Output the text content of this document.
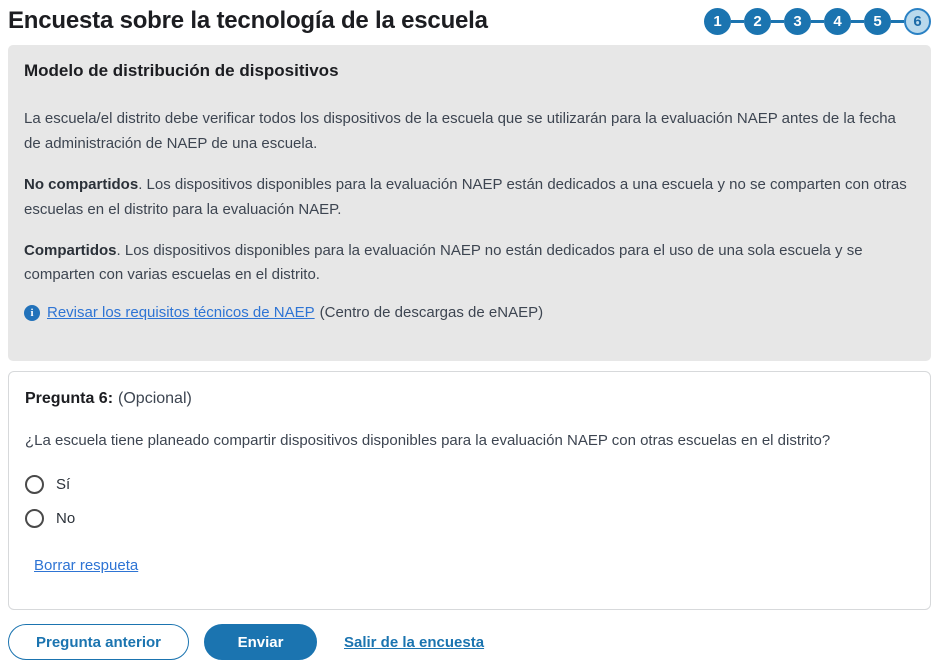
Encuesta sobre la tecnología de la escuela	1 2 3 4 5 6
Modelo de distribución de dispositivos

La escuela/el distrito debe verificar todos los dispositivos de la escuela que se utilizarán para la evaluación NAEP antes de la fecha de administración de NAEP de una escuela.

No compartidos. Los dispositivos disponibles para la evaluación NAEP están dedicados a una escuela y no se comparten con otras escuelas en el distrito para la evaluación NAEP.

Compartidos. Los dispositivos disponibles para la evaluación NAEP no están dedicados para el uso de una sola escuela y se comparten con varias escuelas en el distrito.

i Revisar los requisitos técnicos de NAEP (Centro de descargas de eNAEP)
Pregunta 6: (Opcional)

¿La escuela tiene planeado compartir dispositivos disponibles para la evaluación NAEP con otras escuelas en el distrito?

Sí
No
Borrar respueta
Pregunta anterior	Enviar	Salir de la encuesta
